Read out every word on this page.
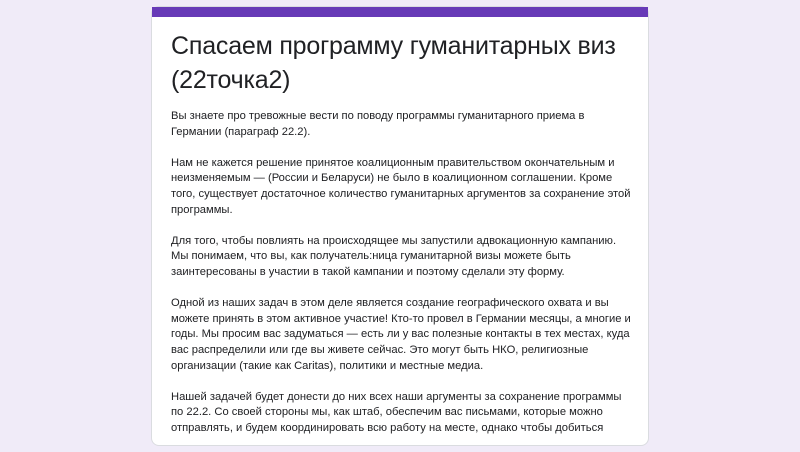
Спасаем программу гуманитарных виз (22точка2)

Вы знаете про тревожные вести по поводу программы гуманитарного приема в Германии (параграф 22.2).

Нам не кажется решение принятое коалиционным правительством окончательным и неизменяемым — (России и Беларуси) не было в коалиционном соглашении. Кроме того, существует достаточное количество гуманитарных аргументов за сохранение этой программы.

Для того, чтобы повлиять на происходящее мы запустили адвокационную кампанию. Мы понимаем, что вы, как получатель:ница гуманитарной визы можете быть заинтересованы в участии в такой кампании и поэтому сделали эту форму.

Одной из наших задач в этом деле является создание географического охвата и вы можете принять в этом активное участие! Кто-то провел в Германии месяцы, а многие и годы. Мы просим вас задуматься — есть ли у вас полезные контакты в тех местах, куда вас распределили или где вы живете сейчас. Это могут быть НКО, религиозные организации (такие как Caritas), политики и местные медиа.

Нашей задачей будет донести до них всех наши аргументы за сохранение программы по 22.2. Со своей стороны мы, как штаб, обеспечим вас письмами, которые можно отправлять, и будем координировать всю работу на месте, однако чтобы добиться
